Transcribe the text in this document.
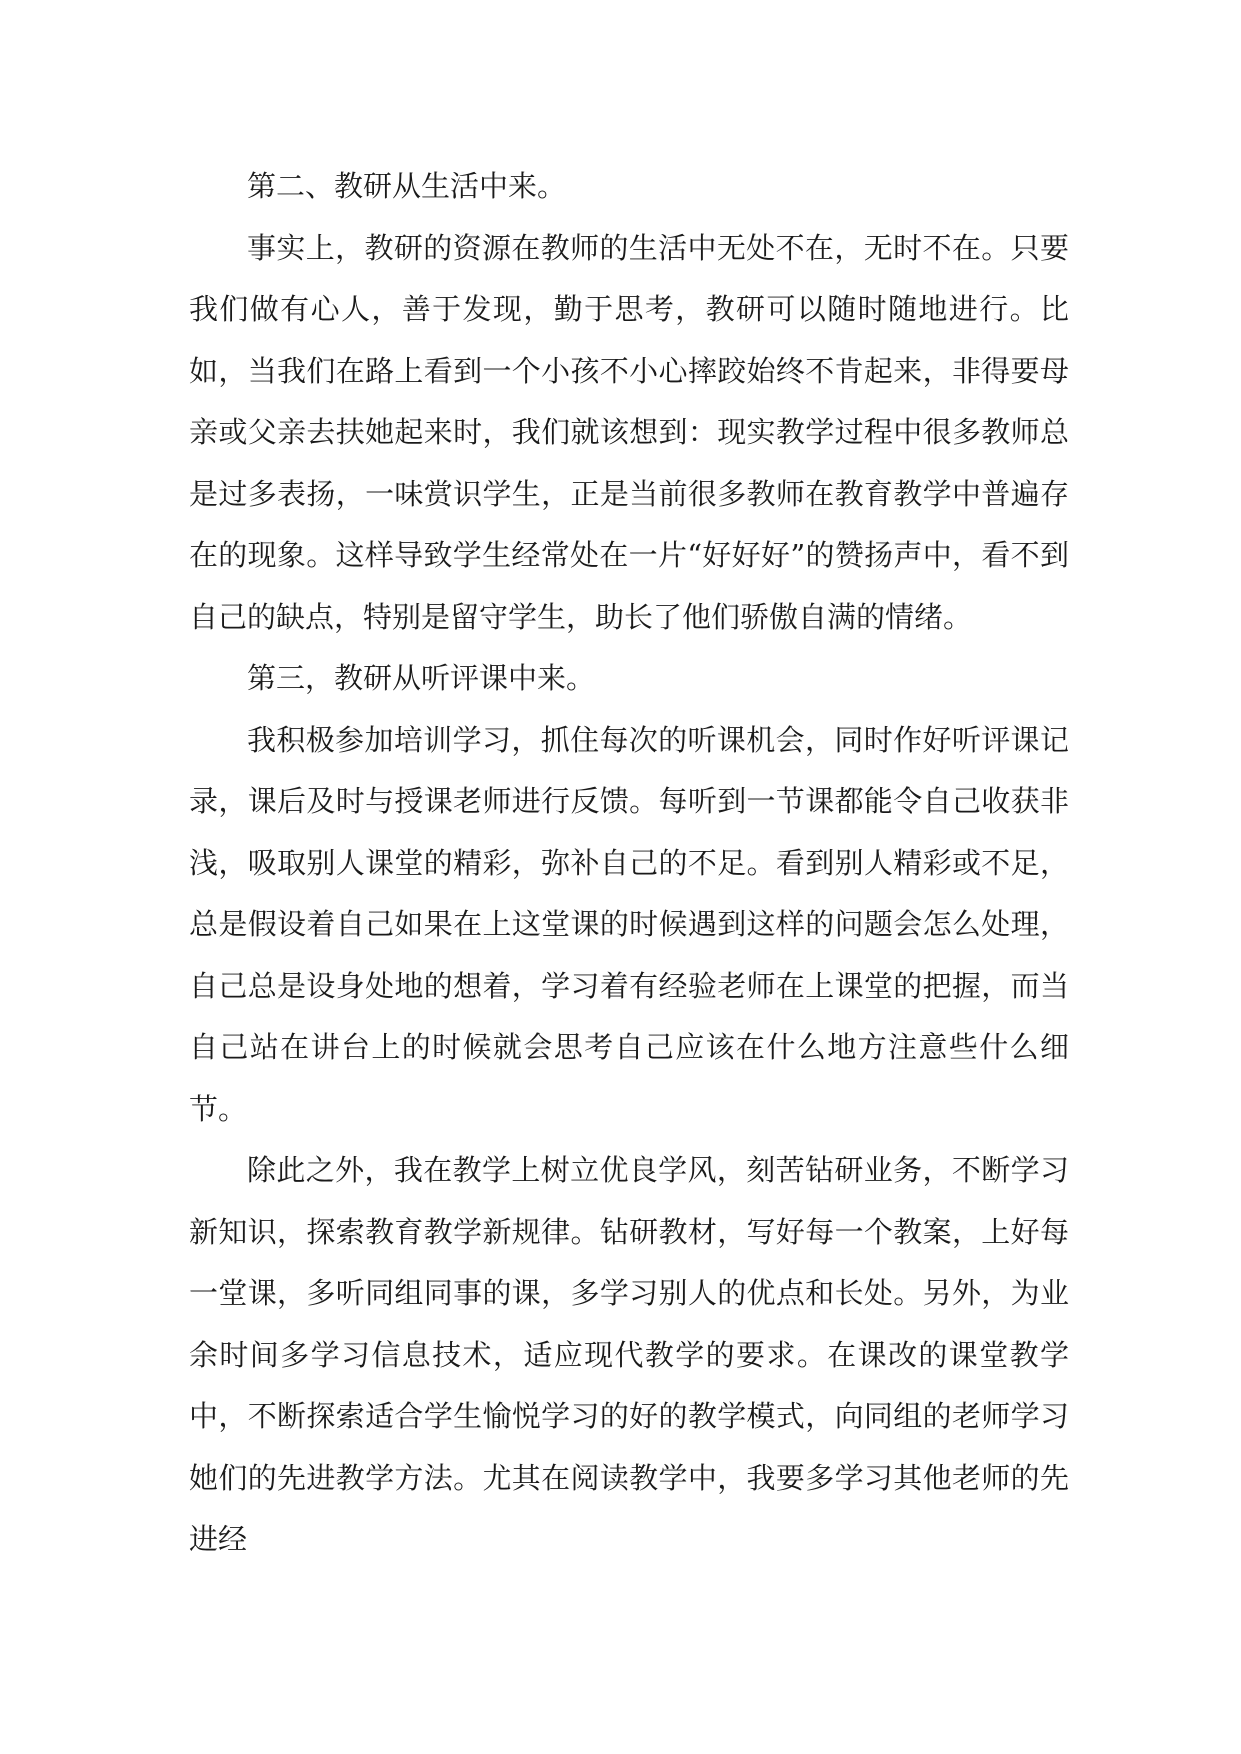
第二、教研从生活中来。

事实上，教研的资源在教师的生活中无处不在，无时不在。只要我们做有心人，善于发现，勤于思考，教研可以随时随地进行。比如，当我们在路上看到一个小孩不小心摔跤始终不肯起来，非得要母亲或父亲去扶她起来时，我们就该想到：现实教学过程中很多教师总是过多表扬，一味赏识学生，正是当前很多教师在教育教学中普遍存在的现象。这样导致学生经常处在一片“好好好”的赞扬声中，看不到自己的缺点，特别是留守学生，助长了他们骄傲自满的情绪。

第三，教研从听评课中来。

我积极参加培训学习，抓住每次的听课机会，同时作好听评课记录，课后及时与授课老师进行反馈。每听到一节课都能令自己收获非浅，吸取别人课堂的精彩，弥补自己的不足。看到别人精彩或不足，总是假设着自己如果在上这堂课的时候遇到这样的问题会怎么处理，自己总是设身处地的想着，学习着有经验老师在上课堂的把握，而当自己站在讲台上的时候就会思考自己应该在什么地方注意些什么细节。

除此之外，我在教学上树立优良学风，刻苦钻研业务，不断学习新知识，探索教育教学新规律。钻研教材，写好每一个教案，上好每一堂课，多听同组同事的课，多学习别人的优点和长处。另外，为业余时间多学习信息技术，适应现代教学的要求。在课改的课堂教学中，不断探索适合学生愉悦学习的好的教学模式，向同组的老师学习她们的先进教学方法。尤其在阅读教学中，我要多学习其他老师的先进经
